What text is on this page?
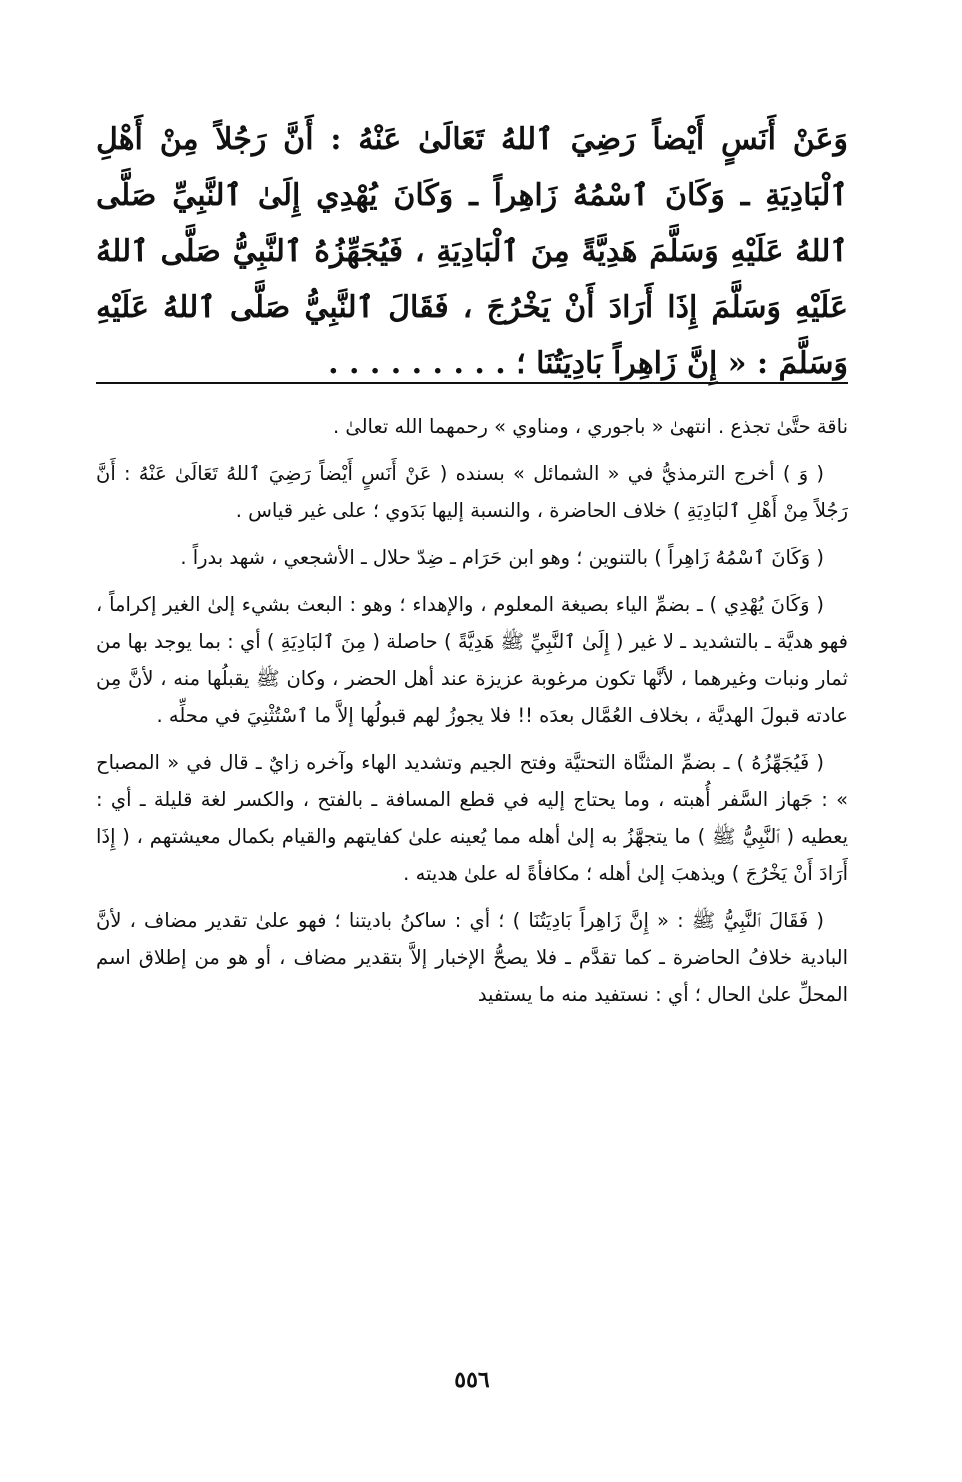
وَعَنْ أَنَسٍ أَيْضاً رَضِيَ ٱللهُ تَعَالَىٰ عَنْهُ : أَنَّ رَجُلاً مِنْ أَهْلِ ٱلْبَادِيَةِ ـ وَكَانَ ٱسْمُهُ زَاهِراً ـ وَكَانَ يُهْدِي إِلَىٰ ٱلنَّبِيِّ صَلَّى ٱللهُ عَلَيْهِ وَسَلَّمَ هَدِيَّةً مِنَ ٱلْبَادِيَةِ ، فَيُجَهِّزُهُ ٱلنَّبِيُّ صَلَّى ٱللهُ عَلَيْهِ وَسَلَّمَ إِذَا أَرَادَ أَنْ يَخْرُجَ ، فَقَالَ ٱلنَّبِيُّ صَلَّى ٱللهُ عَلَيْهِ وَسَلَّمَ : « إِنَّ زَاهِراً بَادِيَتُنَا ؛ . . . . . . . . .

ناقة حتَّىٰ تجذع . انتهىٰ « باجوري ، ومناوي » رحمهما الله تعالىٰ .

( وَ ) أخرج الترمذيُّ في « الشمائل » بسنده ( عَنْ أَنَسٍ أَيْضاً رَضِيَ ٱللهُ تَعَالَىٰ عَنْهُ : أَنَّ رَجُلاً مِنْ أَهْلِ ٱلبَادِيَةِ ) خلاف الحاضرة ، والنسبة إليها بَدَوي ؛ على غير قياس .

( وَكَانَ ٱسْمُهُ زَاهِراً ) بالتنوين ؛ وهو ابن حَرَام ـ ضِدّ حلال ـ الأشجعي ، شهد بدراً .

( وَكَانَ يُهْدِي ) ـ بضمِّ الياء بصيغة المعلوم ، والإهداء ؛ وهو : البعث بشيء إلىٰ الغير إكراماً ، فهو هديَّة ـ بالتشديد ـ لا غير ( إِلَىٰ ٱلنَّبِيِّ ﷺ هَدِيَّةً ) حاصلة ( مِنَ ٱلبَادِيَةِ ) أي : بما يوجد بها من ثمار ونبات وغيرهما ، لأنَّها تكون مرغوبة عزيزة عند أهل الحضر ، وكان ﷺ يقبلُها منه ، لأنَّ مِن عادته قبولَ الهديَّة ، بخلاف العُمَّال بعدَه !! فلا يجوزُ لهم قبولُها إلاَّ ما ٱسْتُثْنِيَ في محلِّه .

( فَيُجَهِّزُهُ ) ـ بضمِّ المثنَّاة التحتيَّة وفتح الجيم وتشديد الهاء وآخره زايٌ ـ قال في « المصباح » : جَهاز السَّفر أُهبته ، وما يحتاج إليه في قطع المسافة ـ بالفتح ، والكسر لغة قليلة ـ أي : يعطيه ( ٱلنَّبِيُّ ﷺ ) ما يتجهَّزُ به إلىٰ أهله مما يُعينه علىٰ كفايتهم والقيام بكمال معيشتهم ، ( إِذَا أَرَادَ أَنْ يَخْرُجَ ) ويذهبَ إلىٰ أهله ؛ مكافأةً له علىٰ هديته .

( فَقَالَ ٱلنَّبِيُّ ﷺ : « إِنَّ زَاهِراً بَادِيَتُنَا ) ؛ أي : ساكنُ باديتنا ؛ فهو علىٰ تقدير مضاف ، لأنَّ البادية خلافُ الحاضرة ـ كما تقدَّم ـ فلا يصحُّ الإخبار إلاَّ بتقدير مضاف ، أو هو من إطلاق اسم المحلِّ علىٰ الحال ؛ أي : نستفيد منه ما يستفيد

٥٥٦
